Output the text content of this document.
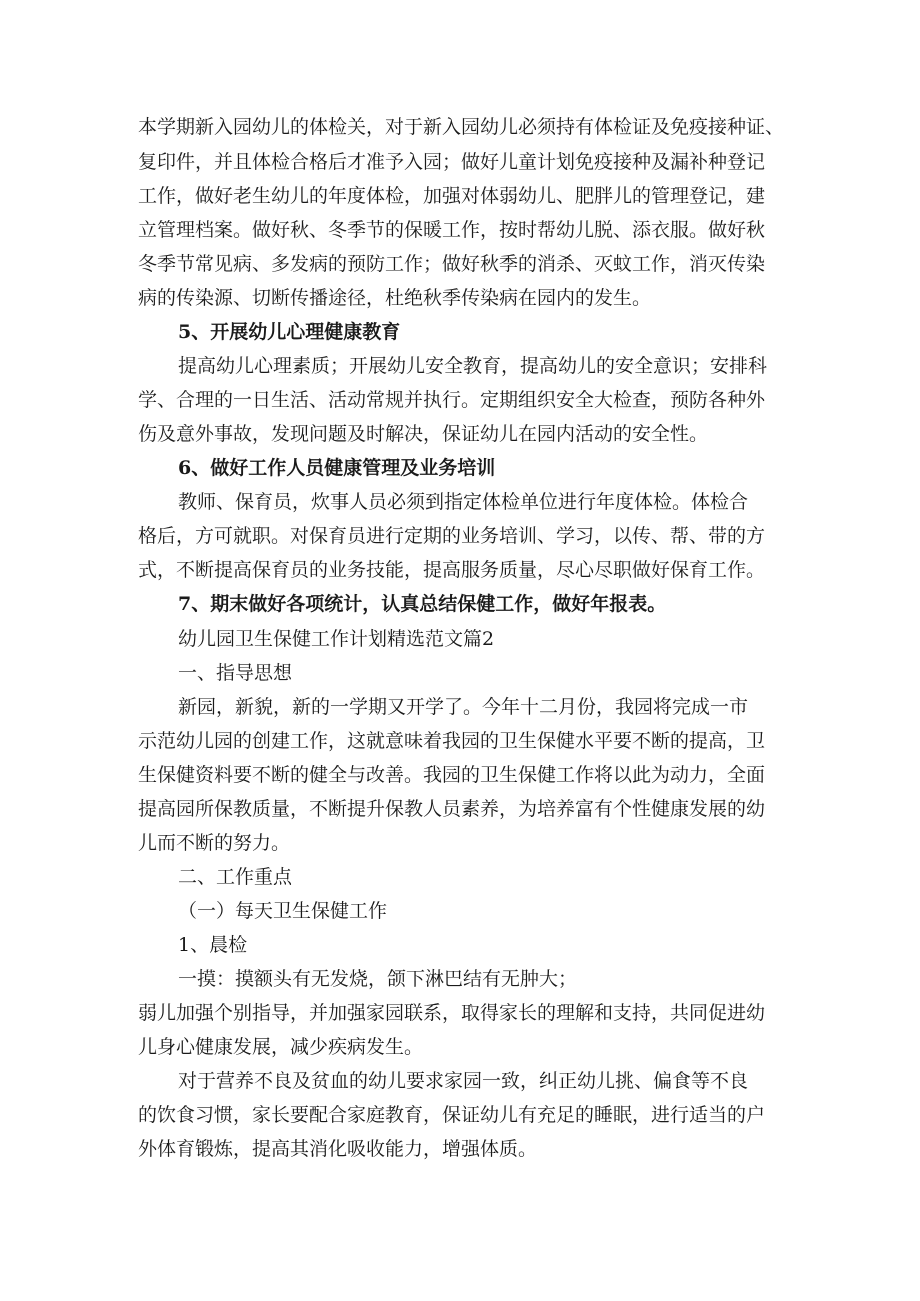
本学期新入园幼儿的体检关，对于新入园幼儿必须持有体检证及免疫接种证、
复印件，并且体检合格后才准予入园；做好儿童计划免疫接种及漏补种登记
工作，做好老生幼儿的年度体检，加强对体弱幼儿、肥胖儿的管理登记，建
立管理档案。做好秋、冬季节的保暖工作，按时帮幼儿脱、添衣服。做好秋
冬季节常见病、多发病的预防工作；做好秋季的消杀、灭蚊工作，消灭传染
病的传染源、切断传播途径，杜绝秋季传染病在园内的发生。
5、开展幼儿心理健康教育
提高幼儿心理素质；开展幼儿安全教育，提高幼儿的安全意识；安排科
学、合理的一日生活、活动常规并执行。定期组织安全大检查，预防各种外
伤及意外事故，发现问题及时解决，保证幼儿在园内活动的安全性。
6、做好工作人员健康管理及业务培训
教师、保育员，炊事人员必须到指定体检单位进行年度体检。体检合
格后，方可就职。对保育员进行定期的业务培训、学习，以传、帮、带的方
式，不断提高保育员的业务技能，提高服务质量，尽心尽职做好保育工作。
7、期末做好各项统计，认真总结保健工作，做好年报表。
幼儿园卫生保健工作计划精选范文篇2
一、指导思想
新园，新貌，新的一学期又开学了。今年十二月份，我园将完成一市
示范幼儿园的创建工作，这就意味着我园的卫生保健水平要不断的提高，卫
生保健资料要不断的健全与改善。我园的卫生保健工作将以此为动力，全面
提高园所保教质量，不断提升保教人员素养，为培养富有个性健康发展的幼
儿而不断的努力。
二、工作重点
（一）每天卫生保健工作
1、晨检
一摸：摸额头有无发烧，颌下淋巴结有无肿大；
弱儿加强个别指导，并加强家园联系，取得家长的理解和支持，共同促进幼
儿身心健康发展，减少疾病发生。
对于营养不良及贫血的幼儿要求家园一致，纠正幼儿挑、偏食等不良
的饮食习惯，家长要配合家庭教育，保证幼儿有充足的睡眠，进行适当的户
外体育锻炼，提高其消化吸收能力，增强体质。
